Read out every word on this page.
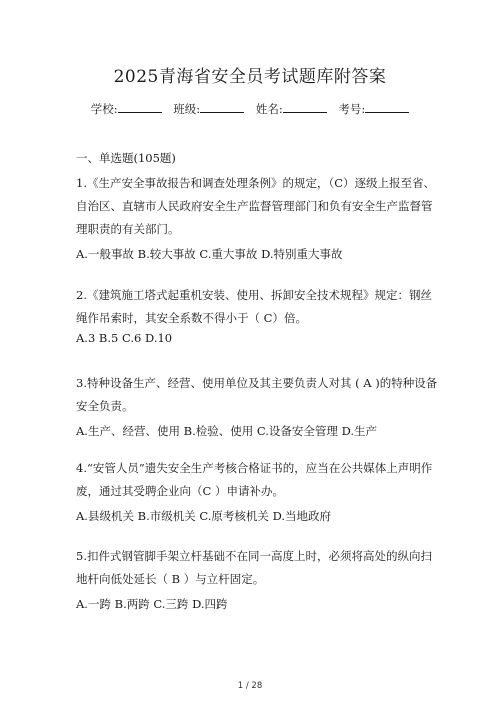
2025青海省安全员考试题库附答案
学校:	班级:	姓名:	考号:
一、单选题(105题)
1.《生产安全事故报告和调查处理条例》的规定，（C）逐级上报至省、
自治区、直辖市人民政府安全生产监督管理部门和负有安全生产监督管
理职责的有关部门。
A.一般事故 B.较大事故 C.重大事故 D.特别重大事故
2.《建筑施工塔式起重机安装、使用、拆卸安全技术规程》规定：钢丝
绳作吊索时，其安全系数不得小于（ C）倍。
A.3 B.5 C.6 D.10
3.特种设备生产、经营、使用单位及其主要负责人对其 ( A )的特种设备
安全负责。
A.生产、经营、使用 B.检验、使用 C.设备安全管理 D.生产
4.“安管人员”遗失安全生产考核合格证书的，应当在公共媒体上声明作
废，通过其受聘企业向（C ）申请补办。
A.县级机关 B.市级机关 C.原考核机关 D.当地政府
5.扣件式钢管脚手架立杆基础不在同一高度上时，必须将高处的纵向扫
地杆向低处延长（ B ）与立杆固定。
A.一跨 B.两跨 C.三跨 D.四跨
1 / 28
